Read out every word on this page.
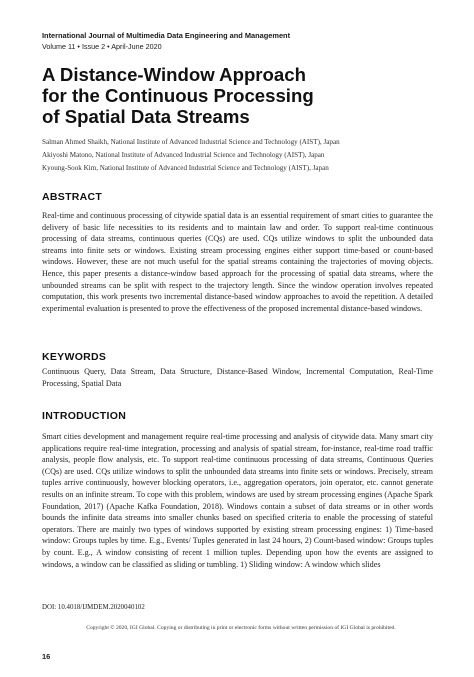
International Journal of Multimedia Data Engineering and Management
Volume 11 • Issue 2 • April-June 2020
A Distance-Window Approach
for the Continuous Processing
of Spatial Data Streams
Salman Ahmed Shaikh, National Institute of Advanced Industrial Science and Technology (AIST), Japan
Akiyoshi Matono, National Institute of Advanced Industrial Science and Technology (AIST), Japan
Kyoung-Sook Kim, National Institute of Advanced Industrial Science and Technology (AIST), Japan
ABSTRACT
Real-time and continuous processing of citywide spatial data is an essential requirement of smart cities to guarantee the delivery of basic life necessities to its residents and to maintain law and order. To support real-time continuous processing of data streams, continuous queries (CQs) are used. CQs utilize windows to split the unbounded data streams into finite sets or windows. Existing stream processing engines either support time-based or count-based windows. However, these are not much useful for the spatial streams containing the trajectories of moving objects. Hence, this paper presents a distance-window based approach for the processing of spatial data streams, where the unbounded streams can be split with respect to the trajectory length. Since the window operation involves repeated computation, this work presents two incremental distance-based window approaches to avoid the repetition. A detailed experimental evaluation is presented to prove the effectiveness of the proposed incremental distance-based windows.
KEYWORDS
Continuous Query, Data Stream, Data Structure, Distance-Based Window, Incremental Computation, Real-Time Processing, Spatial Data
INTRODUCTION
Smart cities development and management require real-time processing and analysis of citywide data. Many smart city applications require real-time integration, processing and analysis of spatial stream, for-instance, real-time road traffic analysis, people flow analysis, etc. To support real-time continuous processing of data streams, Continuous Queries (CQs) are used. CQs utilize windows to split the unbounded data streams into finite sets or windows. Precisely, stream tuples arrive continuously, however blocking operators, i.e., aggregation operators, join operator, etc. cannot generate results on an infinite stream. To cope with this problem, windows are used by stream processing engines (Apache Spark Foundation, 2017) (Apache Kafka Foundation, 2018). Windows contain a subset of data streams or in other words bounds the infinite data streams into smaller chunks based on specified criteria to enable the processing of stateful operators. There are mainly two types of windows supported by existing stream processing engines: 1) Time-based window: Groups tuples by time. E.g., Events/ Tuples generated in last 24 hours, 2) Count-based window: Groups tuples by count. E.g., A window consisting of recent 1 million tuples. Depending upon how the events are assigned to windows, a window can be classified as sliding or tumbling. 1) Sliding window: A window which slides
DOI: 10.4018/IJMDEM.2020040102
Copyright © 2020, IGI Global. Copying or distributing in print or electronic forms without written permission of IGI Global is prohibited.
16
